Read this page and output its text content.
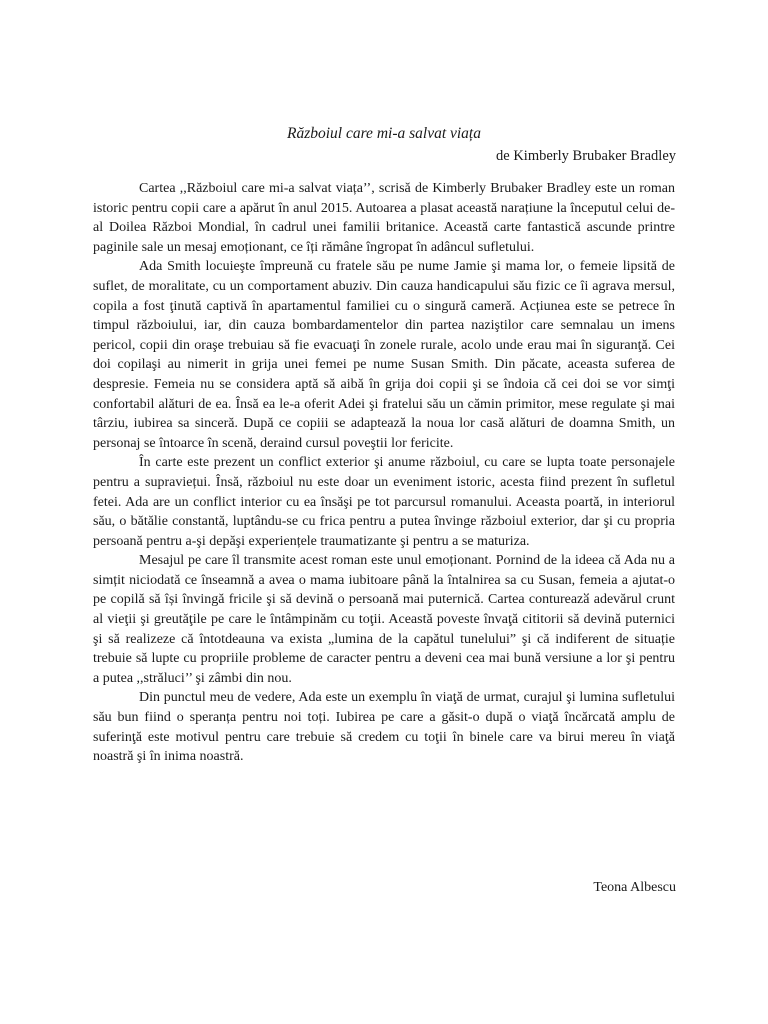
Războiul care mi-a salvat viața
de Kimberly Brubaker Bradley

Cartea ,,Războiul care mi-a salvat viața’’, scrisă de Kimberly Brubaker Bradley este un roman istoric pentru copii care a apărut în anul 2015. Autoarea a plasat această narațiune la începutul celui de-al Doilea Război Mondial, în cadrul unei familii britanice. Această carte fantastică ascunde printre paginile sale un mesaj emoționant, ce îți rămâne îngropat în adâncul sufletului.

Ada Smith locuieşte împreună cu fratele său pe nume Jamie şi mama lor, o femeie lipsită de suflet, de moralitate, cu un comportament abuziv. Din cauza handicapului său fizic ce îi agrava mersul, copila a fost ţinută captivă în apartamentul familiei cu o singură cameră. Acțiunea este se petrece în timpul războiului, iar, din cauza bombardamentelor din partea naziştilor care semnalau un imens pericol, copii din oraşe trebuiau să fie evacuaţi în zonele rurale, acolo unde erau mai în siguranţă. Cei doi copilaşi au nimerit in grija unei femei pe nume Susan Smith. Din păcate, aceasta suferea de despresie. Femeia nu se considera aptă să aibă în grija doi copii şi se îndoia că cei doi se vor simţi confortabil alături de ea. Însă ea le-a oferit Adei şi fratelui său un cămin primitor, mese regulate şi mai târziu, iubirea sa sinceră. După ce copiii se adaptează la noua lor casă alături de doamna Smith, un personaj se întoarce în scenă, deraind cursul poveştii lor fericite.

În carte este prezent un conflict exterior şi anume războiul, cu care se lupta toate personajele pentru a supraviețui. Însă, războiul nu este doar un eveniment istoric, acesta fiind prezent în sufletul fetei. Ada are un conflict interior cu ea însăşi pe tot parcursul romanului. Aceasta poartă, in interiorul său, o bătălie constantă, luptându-se cu frica pentru a putea învinge războiul exterior, dar şi cu propria persoană pentru a-şi depăşi experiențele traumatizante şi pentru a se maturiza.

Mesajul pe care îl transmite acest roman este unul emoționant. Pornind de la ideea că Ada nu a simțit niciodată ce înseamnă a avea o mama iubitoare până la întalnirea sa cu Susan, femeia a ajutat-o pe copilă să își învingă fricile şi să devină o persoană mai puternică. Cartea contureazӑ adevărul crunt al vieţii şi greutăţile pe care le întâmpinăm cu toţii. Această poveste învaţă cititorii să devină puternici şi să realizeze că întotdeauna va exista „lumina de la capătul tunelului” şi că indiferent de situație trebuie să lupte cu propriile probleme de caracter pentru a deveni cea mai bună versiune a lor şi pentru a putea ,,străluci’’ şi zâmbi din nou.

Din punctul meu de vedere, Ada este un exemplu în viaţă de urmat, curajul şi lumina sufletului său bun fiind o speranța pentru noi toți. Iubirea pe care a găsit-o după o viaţă încărcată amplu de suferinţă este motivul pentru care trebuie să credem cu toţii în binele care va birui mereu în viaţă noastră şi în inima noastră.

Teona Albescu
